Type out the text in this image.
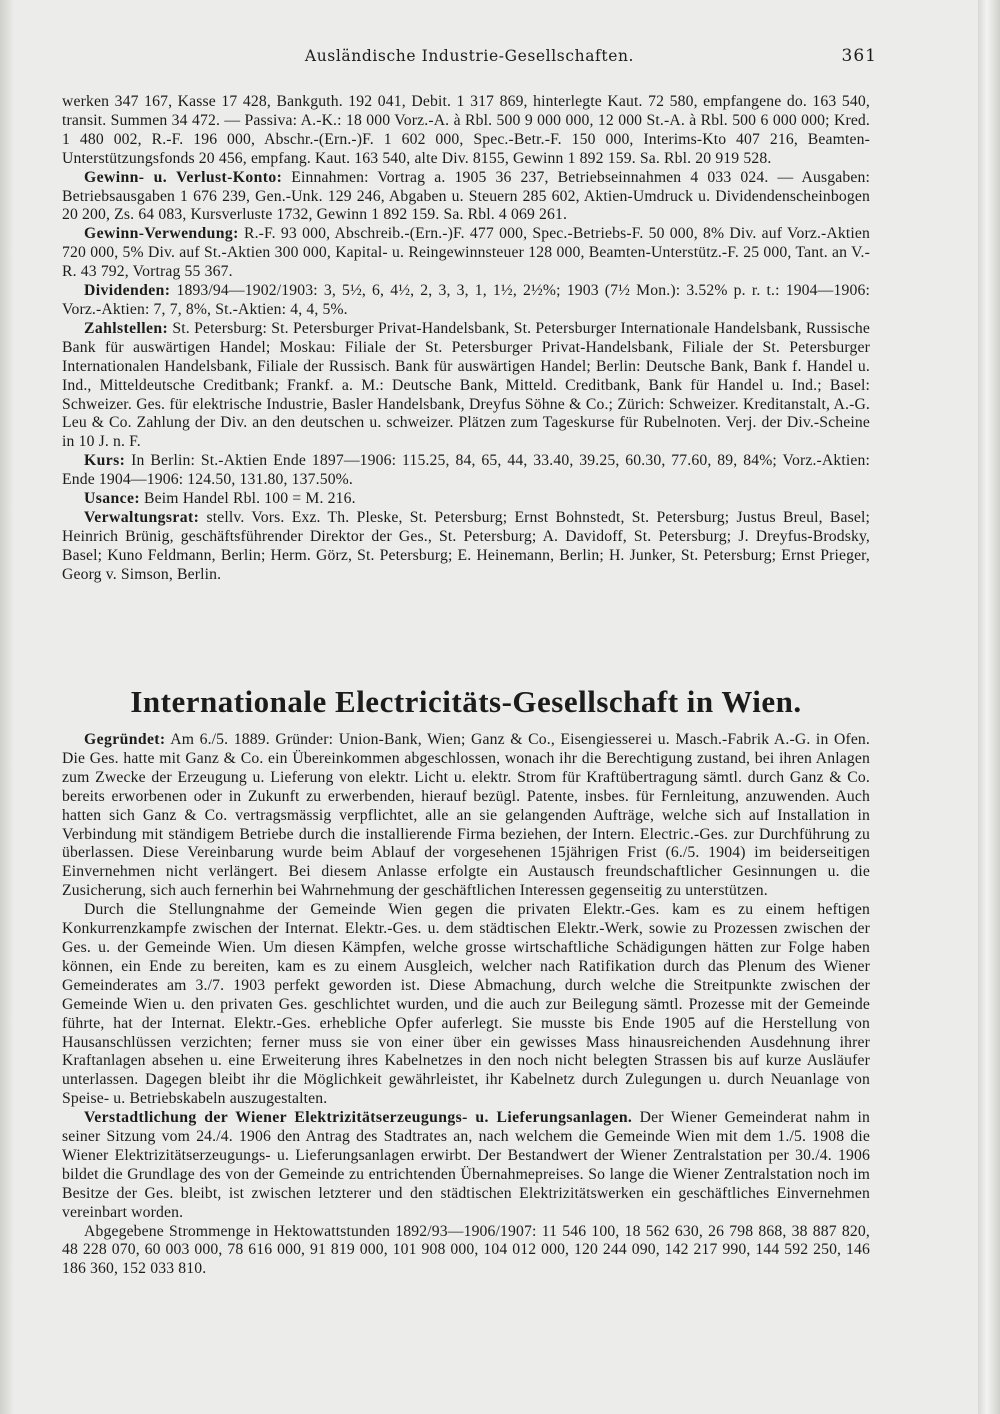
Ausländische Industrie-Gesellschaften.	361

werken 347 167, Kasse 17 428, Bankguth. 192 041, Debit. 1 317 869, hinterlegte Kaut. 72 580, empfangene do. 163 540, transit. Summen 34 472. — Passiva: A.-K.: 18 000 Vorz.-A. à Rbl. 500 9 000 000, 12 000 St.-A. à Rbl. 500 6 000 000; Kred. 1 480 002, R.-F. 196 000, Abschr.-(Ern.-)F. 1 602 000, Spec.-Betr.-F. 150 000, Interims-Kto 407 216, Beamten-Unterstützungsfonds 20 456, empfang. Kaut. 163 540, alte Div. 8155, Gewinn 1 892 159. Sa. Rbl. 20 919 528.

Gewinn- u. Verlust-Konto: Einnahmen: Vortrag a. 1905 36 237, Betriebseinnahmen 4 033 024. — Ausgaben: Betriebsausgaben 1 676 239, Gen.-Unk. 129 246, Abgaben u. Steuern 285 602, Aktien-Umdruck u. Dividendenscheinbogen 20 200, Zs. 64 083, Kursverluste 1732, Gewinn 1 892 159. Sa. Rbl. 4 069 261.

Gewinn-Verwendung: R.-F. 93 000, Abschreib.-(Ern.-)F. 477 000, Spec.-Betriebs-F. 50 000, 8% Div. auf Vorz.-Aktien 720 000, 5% Div. auf St.-Aktien 300 000, Kapital- u. Reingewinnsteuer 128 000, Beamten-Unterstütz.-F. 25 000, Tant. an V.-R. 43 792, Vortrag 55 367.

Dividenden: 1893/94—1902/1903: 3, 5½, 6, 4½, 2, 3, 3, 1, 1½, 2½%; 1903 (7½ Mon.): 3.52% p. r. t.: 1904—1906: Vorz.-Aktien: 7, 7, 8%, St.-Aktien: 4, 4, 5%.

Zahlstellen: St. Petersburg: St. Petersburger Privat-Handelsbank, St. Petersburger Internationale Handelsbank, Russische Bank für auswärtigen Handel; Moskau: Filiale der St. Petersburger Privat-Handelsbank, Filiale der St. Petersburger Internationalen Handelsbank, Filiale der Russisch. Bank für auswärtigen Handel; Berlin: Deutsche Bank, Bank f. Handel u. Ind., Mitteldeutsche Creditbank; Frankf. a. M.: Deutsche Bank, Mitteld. Creditbank, Bank für Handel u. Ind.; Basel: Schweizer. Ges. für elektrische Industrie, Basler Handelsbank, Dreyfus Söhne & Co.; Zürich: Schweizer. Kreditanstalt, A.-G. Leu & Co. Zahlung der Div. an den deutschen u. schweizer. Plätzen zum Tageskurse für Rubelnoten. Verj. der Div.-Scheine in 10 J. n. F.

Kurs: In Berlin: St.-Aktien Ende 1897—1906: 115.25, 84, 65, 44, 33.40, 39.25, 60.30, 77.60, 89, 84%; Vorz.-Aktien: Ende 1904—1906: 124.50, 131.80, 137.50%.

Usance: Beim Handel Rbl. 100 = M. 216.

Verwaltungsrat: stellv. Vors. Exz. Th. Pleske, St. Petersburg; Ernst Bohnstedt, St. Petersburg; Justus Breul, Basel; Heinrich Brünig, geschäftsführender Direktor der Ges., St. Petersburg; A. Davidoff, St. Petersburg; J. Dreyfus-Brodsky, Basel; Kuno Feldmann, Berlin; Herm. Görz, St. Petersburg; E. Heinemann, Berlin; H. Junker, St. Petersburg; Ernst Prieger, Georg v. Simson, Berlin.

Internationale Electricitäts-Gesellschaft in Wien.

Gegründet: Am 6./5. 1889. Gründer: Union-Bank, Wien; Ganz & Co., Eisengiesserei u. Masch.-Fabrik A.-G. in Ofen. Die Ges. hatte mit Ganz & Co. ein Übereinkommen abgeschlossen, wonach ihr die Berechtigung zustand, bei ihren Anlagen zum Zwecke der Erzeugung u. Lieferung von elektr. Licht u. elektr. Strom für Kraftübertragung sämtl. durch Ganz & Co. bereits erworbenen oder in Zukunft zu erwerbenden, hierauf bezügl. Patente, insbes. für Fernleitung, anzuwenden. Auch hatten sich Ganz & Co. vertragsmässig verpflichtet, alle an sie gelangenden Aufträge, welche sich auf Installation in Verbindung mit ständigem Betriebe durch die installierende Firma beziehen, der Intern. Electric.-Ges. zur Durchführung zu überlassen. Diese Vereinbarung wurde beim Ablauf der vorgesehenen 15jährigen Frist (6./5. 1904) im beiderseitigen Einvernehmen nicht verlängert. Bei diesem Anlasse erfolgte ein Austausch freundschaftlicher Gesinnungen u. die Zusicherung, sich auch fernerhin bei Wahrnehmung der geschäftlichen Interessen gegenseitig zu unterstützen.

Durch die Stellungnahme der Gemeinde Wien gegen die privaten Elektr.-Ges. kam es zu einem heftigen Konkurrenzkampfe zwischen der Internat. Elektr.-Ges. u. dem städtischen Elektr.-Werk, sowie zu Prozessen zwischen der Ges. u. der Gemeinde Wien. Um diesen Kämpfen, welche grosse wirtschaftliche Schädigungen hätten zur Folge haben können, ein Ende zu bereiten, kam es zu einem Ausgleich, welcher nach Ratifikation durch das Plenum des Wiener Gemeinderates am 3./7. 1903 perfekt geworden ist. Diese Abmachung, durch welche die Streitpunkte zwischen der Gemeinde Wien u. den privaten Ges. geschlichtet wurden, und die auch zur Beilegung sämtl. Prozesse mit der Gemeinde führte, hat der Internat. Elektr.-Ges. erhebliche Opfer auferlegt. Sie musste bis Ende 1905 auf die Herstellung von Hausanschlüssen verzichten; ferner muss sie von einer über ein gewisses Mass hinausreichenden Ausdehnung ihrer Kraftanlagen absehen u. eine Erweiterung ihres Kabelnetzes in den noch nicht belegten Strassen bis auf kurze Ausläufer unterlassen. Dagegen bleibt ihr die Möglichkeit gewährleistet, ihr Kabelnetz durch Zulegungen u. durch Neuanlage von Speise- u. Betriebskabeln auszugestalten.

Verstadtlichung der Wiener Elektrizitätserzeugungs- u. Lieferungsanlagen. Der Wiener Gemeinderat nahm in seiner Sitzung vom 24./4. 1906 den Antrag des Stadtrates an, nach welchem die Gemeinde Wien mit dem 1./5. 1908 die Wiener Elektrizitätserzeugungs- u. Lieferungsanlagen erwirbt. Der Bestandwert der Wiener Zentralstation per 30./4. 1906 bildet die Grundlage des von der Gemeinde zu entrichtenden Übernahmepreises. So lange die Wiener Zentralstation noch im Besitze der Ges. bleibt, ist zwischen letzterer und den städtischen Elektrizitätswerken ein geschäftliches Einvernehmen vereinbart worden.

Abgegebene Strommenge in Hektowattstunden 1892/93—1906/1907: 11 546 100, 18 562 630, 26 798 868, 38 887 820, 48 228 070, 60 003 000, 78 616 000, 91 819 000, 101 908 000, 104 012 000, 120 244 090, 142 217 990, 144 592 250, 146 186 360, 152 033 810.
